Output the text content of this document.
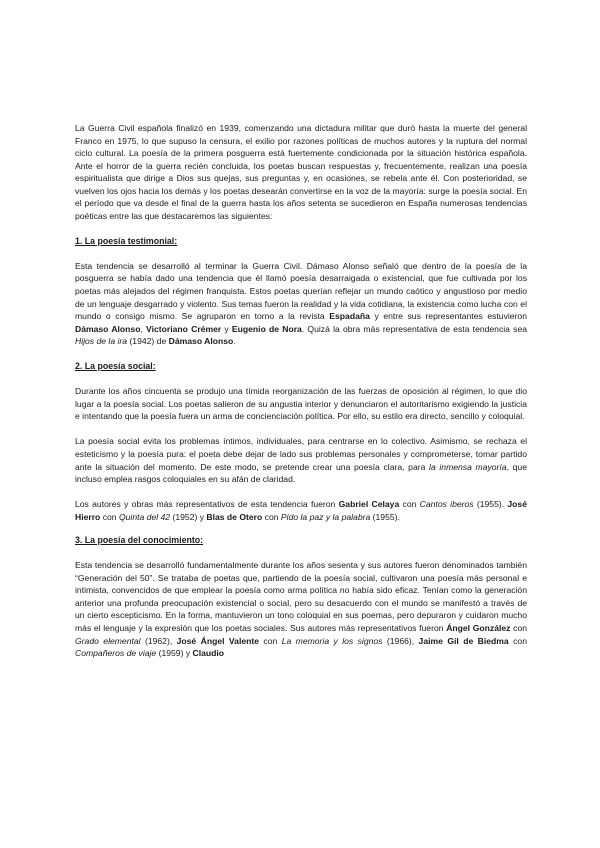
La Guerra Civil española finalizó en 1939, comenzando una dictadura militar que duró hasta la muerte del general Franco en 1975, lo que supuso la censura, el exilio por razones políticas de muchos autores y la ruptura del normal ciclo cultural. La poesía de la primera posguerra está fuertemente condicionada por la situación histórica española. Ante el horror de la guerra recién concluida, los poetas buscan respuestas y, frecuentemente, realizan una poesía espiritualista que dirige a Dios sus quejas, sus preguntas y, en ocasiones, se rebela ante él. Con posterioridad, se vuelven los ojos hacia los demás y los poetas desearán convertirse en la voz de la mayoría: surge la poesía social. En el período que va desde el final de la guerra hasta los años setenta se sucedieron en España numerosas tendencias poéticas entre las que destacaremos las siguientes:

1. La poesía testimonial:

Esta tendencia se desarrolló al terminar la Guerra Civil. Dámaso Alonso señaló que dentro de la poesía de la posguerra se había dado una tendencia que él llamó poesía desarraigada o existencial, que fue cultivada por los poetas más alejados del régimen franquista. Estos poetas querían reflejar un mundo caótico y angustioso por medio de un lenguaje desgarrado y violento. Sus temas fueron la realidad y la vida cotidiana, la existencia como lucha con el mundo o consigo mismo. Se agruparon en torno a la revista Espadaña y entre sus representantes estuvieron Dámaso Alonso, Victoriano Crémer y Eugenio de Nora. Quizá la obra más representativa de esta tendencia sea Hijos de la ira (1942) de Dámaso Alonso.

2. La poesía social:

Durante los años cincuenta se produjo una tímida reorganización de las fuerzas de oposición al régimen, lo que dio lugar a la poesía social. Los poetas salieron de su angustia interior y denunciaron el autoritarismo exigiendo la justicia e intentando que la poesía fuera un arma de concienciación política. Por ello, su estilo era directo, sencillo y coloquial.

La poesía social evita los problemas íntimos, individuales, para centrarse en lo colectivo. Asimismo, se rechaza el esteticismo y la poesía pura: el poeta debe dejar de lado sus problemas personales y comprometerse, tomar partido ante la situación del momento. De este modo, se pretende crear una poesía clara, para la inmensa mayoría, que incluso emplea rasgos coloquiales en su afán de claridad.

Los autores y obras más representativos de esta tendencia fueron Gabriel Celaya con Cantos iberos (1955). José Hierro con Quinta del 42 (1952) y Blas de Otero con Pido la paz y la palabra (1955).

3. La poesía del conocimiento:

Esta tendencia se desarrolló fundamentalmente durante los años sesenta y sus autores fueron denominados también “Generación del 50”. Se trataba de poetas que, partiendo de la poesía social, cultivaron una poesía más personal e intimista, convencidos de que emplear la poesía como arma política no había sido eficaz. Tenían como la generación anterior una profunda preocupación existencial o social, pero su desacuerdo con el mundo se manifestó a través de un cierto escepticismo. En la forma, mantuvieron un tono coloquial en sus poemas, pero depuraron y cuidaron mucho más el lenguaje y la expresión que los poetas sociales. Sus autores más representativos fueron Ángel González con Grado elemental (1962), José Ángel Valente con La memoria y los signos (1966), Jaime Gil de Biedma con Compañeros de viaje (1959) y Claudio
